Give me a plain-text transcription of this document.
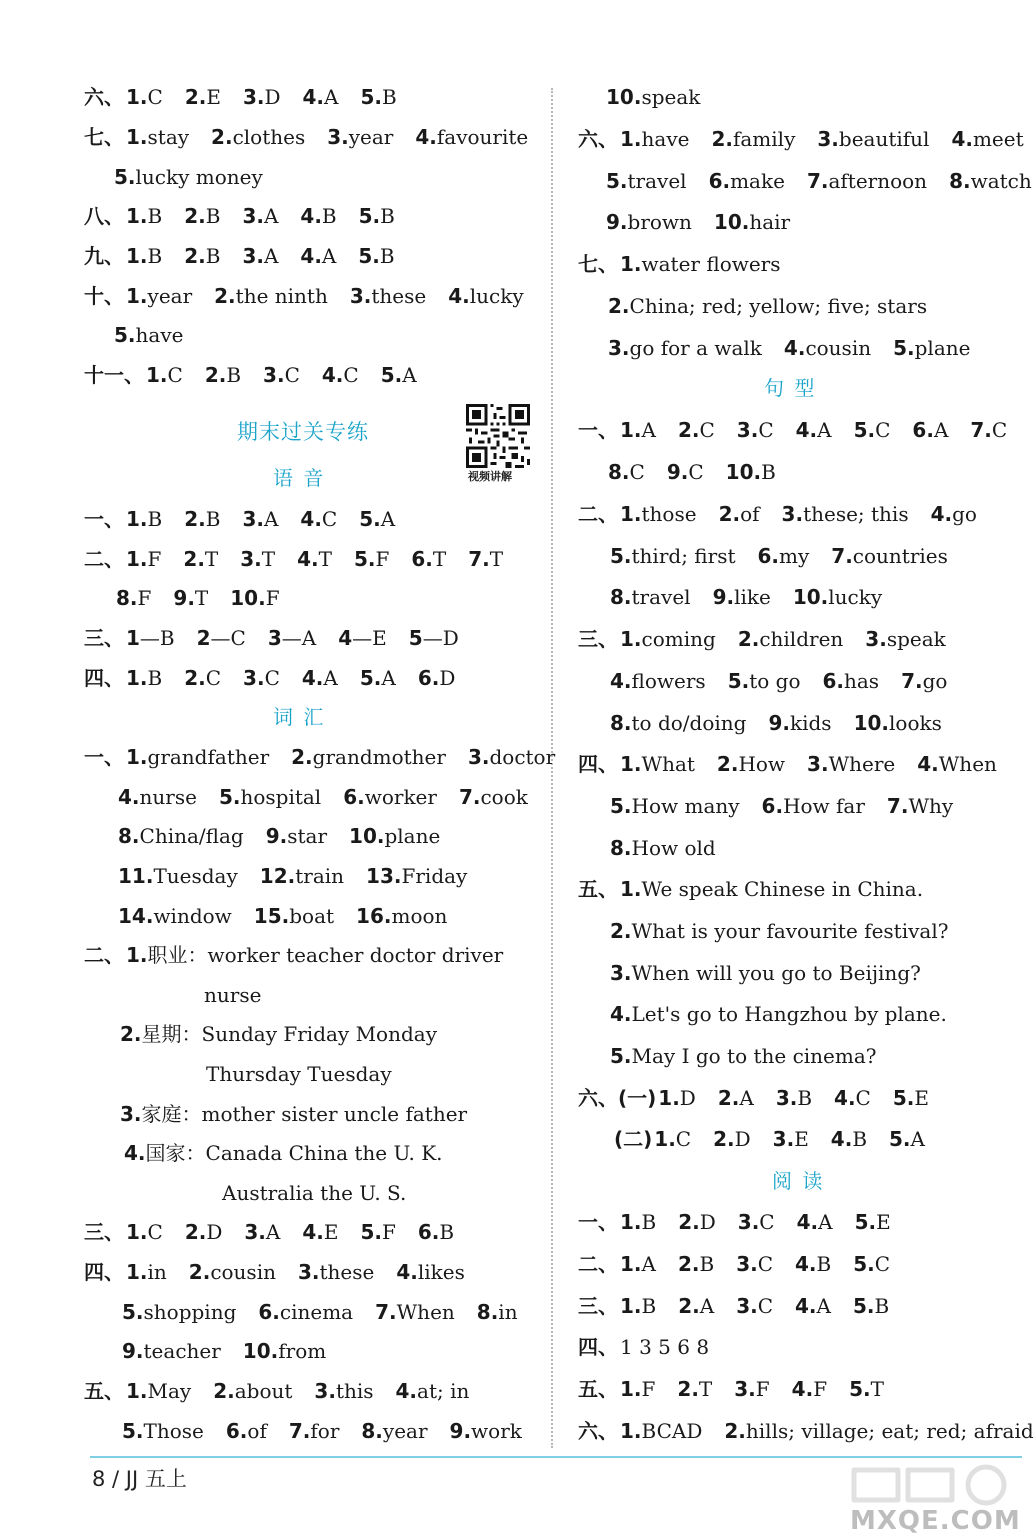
六、 1.C 2.E 3.D 4.A 5.B
七、 1.stay 2.clothes 3.year 4.favourite
5.lucky money
八、 1.B 2.B 3.A 4.B 5.B
九、 1.B 2.B 3.A 4.A 5.B
十、 1.year 2.the ninth 3.these 4.lucky
5.have
十一、 1.C 2.B 3.C 4.C 5.A
期末过关专练
语 音
一、 1.B 2.B 3.A 4.C 5.A
二、 1.F 2.T 3.T 4.T 5.F 6.T 7.T
8.F 9.T 10.F
三、 1—B 2—C 3—A 4—E 5—D
四、 1.B 2.C 3.C 4.A 5.A 6.D
词 汇
一、 1.grandfather 2.grandmother 3.doctor
4.nurse 5.hospital 6.worker 7.cook
8.China/flag 9.star 10.plane
11.Tuesday 12.train 13.Friday
14.window 15.boat 16.moon
二、 1.职业：worker teacher doctor driver
nurse
2.星期：Sunday Friday Monday
Thursday Tuesday
3.家庭：mother sister uncle father
4.国家：Canada China the U. K.
Australia the U. S.
三、 1.C 2.D 3.A 4.E 5.F 6.B
四、 1.in 2.cousin 3.these 4.likes
5.shopping 6.cinema 7.When 8.in
9.teacher 10.from
五、 1.May 2.about 3.this 4.at; in
5.Those 6.of 7.for 8.year 9.work
视频讲解
10.speak
六、 1.have 2.family 3.beautiful 4.meet
5.travel 6.make 7.afternoon 8.watch
9.brown 10.hair
七、 1.water flowers
2.China; red; yellow; five; stars
3.go for a walk 4.cousin 5.plane
句 型
一、 1.A 2.C 3.C 4.A 5.C 6.A 7.C
8.C 9.C 10.B
二、 1.those 2.of 3.these; this 4.go
5.third; first 6.my 7.countries
8.travel 9.like 10.lucky
三、 1.coming 2.children 3.speak
4.flowers 5.to go 6.has 7.go
8.to do/doing 9.kids 10.looks
四、 1.What 2.How 3.Where 4.When
5.How many 6.How far 7.Why
8.How old
五、 1.We speak Chinese in China.
2.What is your favourite festival?
3.When will you go to Beijing?
4.Let's go to Hangzhou by plane.
5.May I go to the cinema?
六、(一) 1.D 2.A 3.B 4.C 5.E
(二) 1.C 2.D 3.E 4.B 5.A
阅 读
一、 1.B 2.D 3.C 4.A 5.E
二、 1.A 2.B 3.C 4.B 5.C
三、 1.B 2.A 3.C 4.A 5.B
四、 1 3 5 6 8
五、 1.F 2.T 3.F 4.F 5.T
六、 1.BCAD 2.hills; village; eat; red; afraid
8 / JJ 五上
MXQE.COM
